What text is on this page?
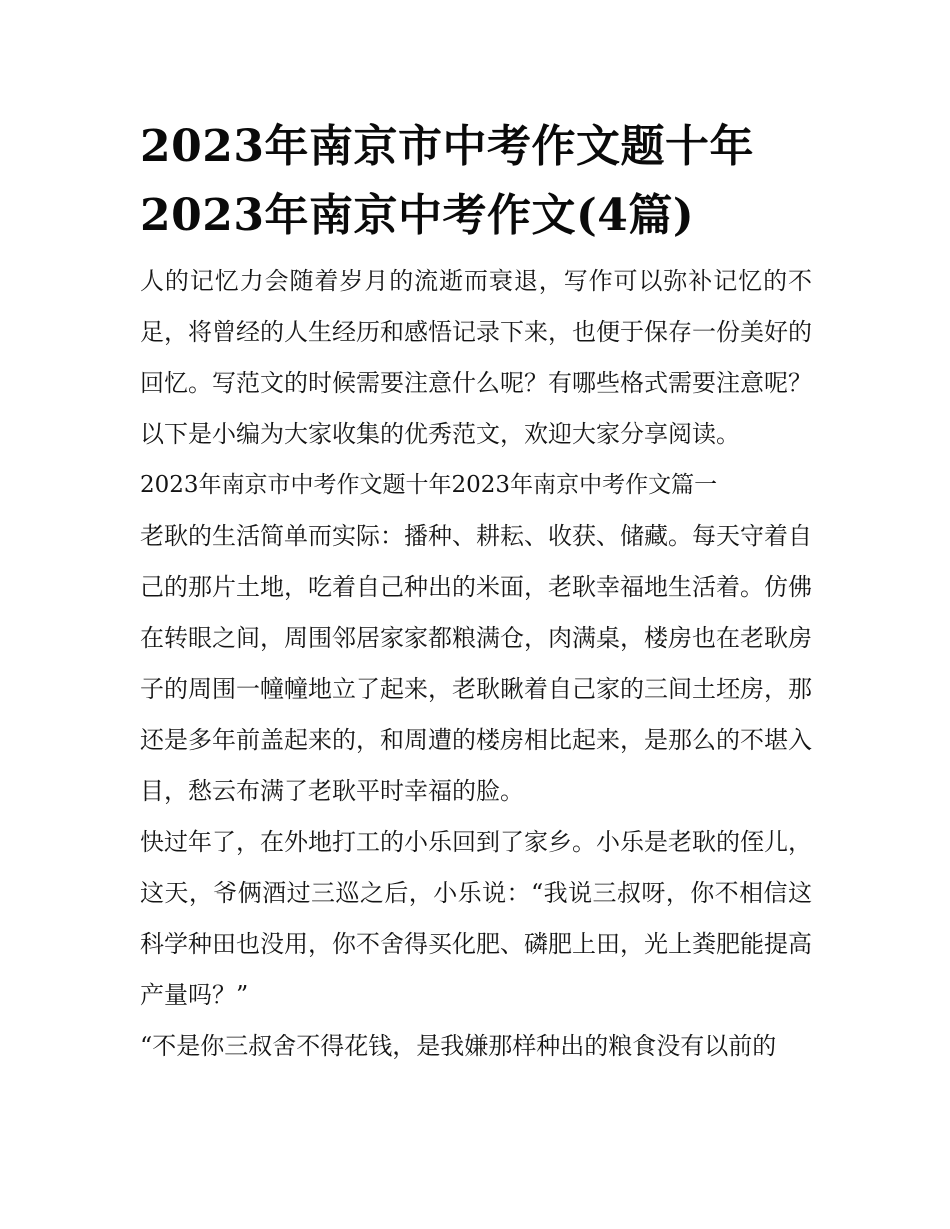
2023年南京市中考作文题十年2023年南京中考作文(4篇)

人的记忆力会随着岁月的流逝而衰退，写作可以弥补记忆的不足，将曾经的人生经历和感悟记录下来，也便于保存一份美好的回忆。写范文的时候需要注意什么呢？有哪些格式需要注意呢？以下是小编为大家收集的优秀范文，欢迎大家分享阅读。

2023年南京市中考作文题十年2023年南京中考作文篇一

老耿的生活简单而实际：播种、耕耘、收获、储藏。每天守着自己的那片土地，吃着自己种出的米面，老耿幸福地生活着。仿佛在转眼之间，周围邻居家家都粮满仓，肉满桌，楼房也在老耿房子的周围一幢幢地立了起来，老耿瞅着自己家的三间土坯房，那还是多年前盖起来的，和周遭的楼房相比起来，是那么的不堪入目，愁云布满了老耿平时幸福的脸。

快过年了，在外地打工的小乐回到了家乡。小乐是老耿的侄儿，这天，爷俩酒过三巡之后，小乐说：“我说三叔呀，你不相信这科学种田也没用，你不舍得买化肥、磷肥上田，光上粪肥能提高产量吗？”

“不是你三叔舍不得花钱，是我嫌那样种出的粮食没有以前的
